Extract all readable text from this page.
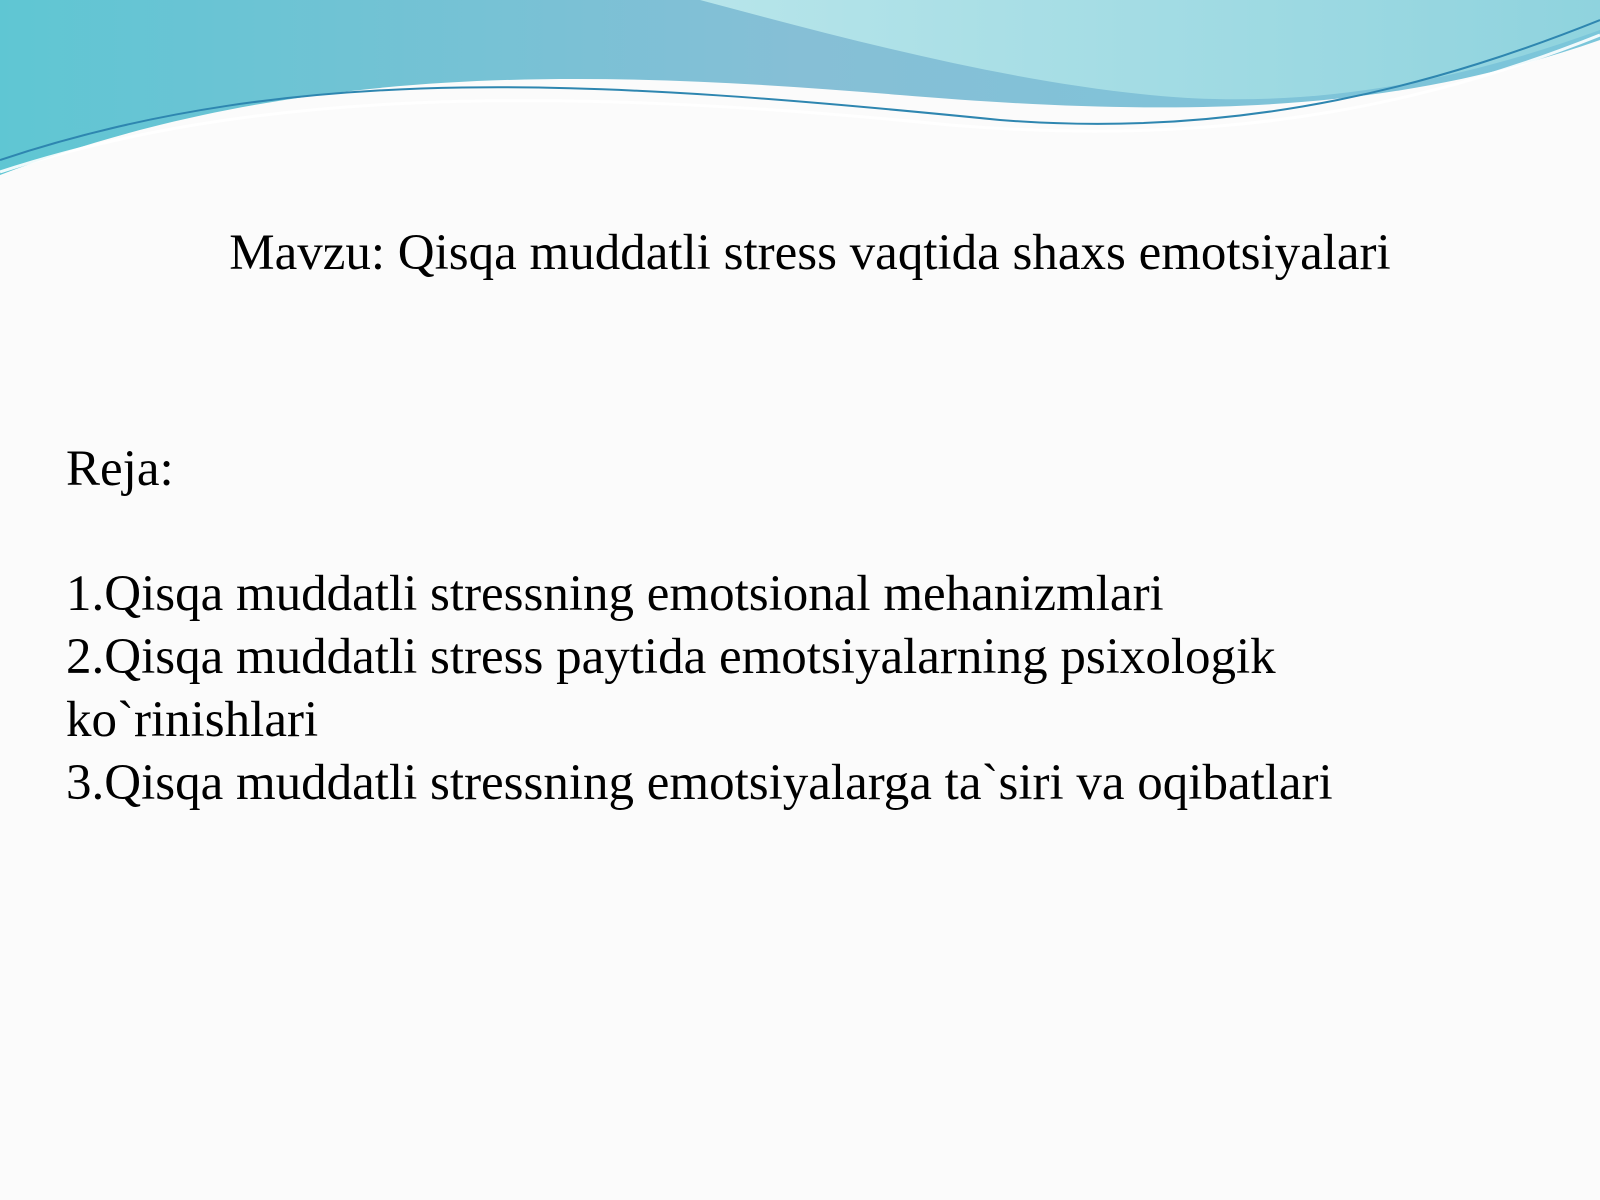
Mavzu: Qisqa muddatli stress vaqtida shaxs emotsiyalari
Reja:
1.Qisqa muddatli stressning emotsional mehanizmlari
2.Qisqa muddatli stress paytida emotsiyalarning psixologik ko`rinishlari
3.Qisqa muddatli stressning emotsiyalarga ta`siri va oqibatlari
